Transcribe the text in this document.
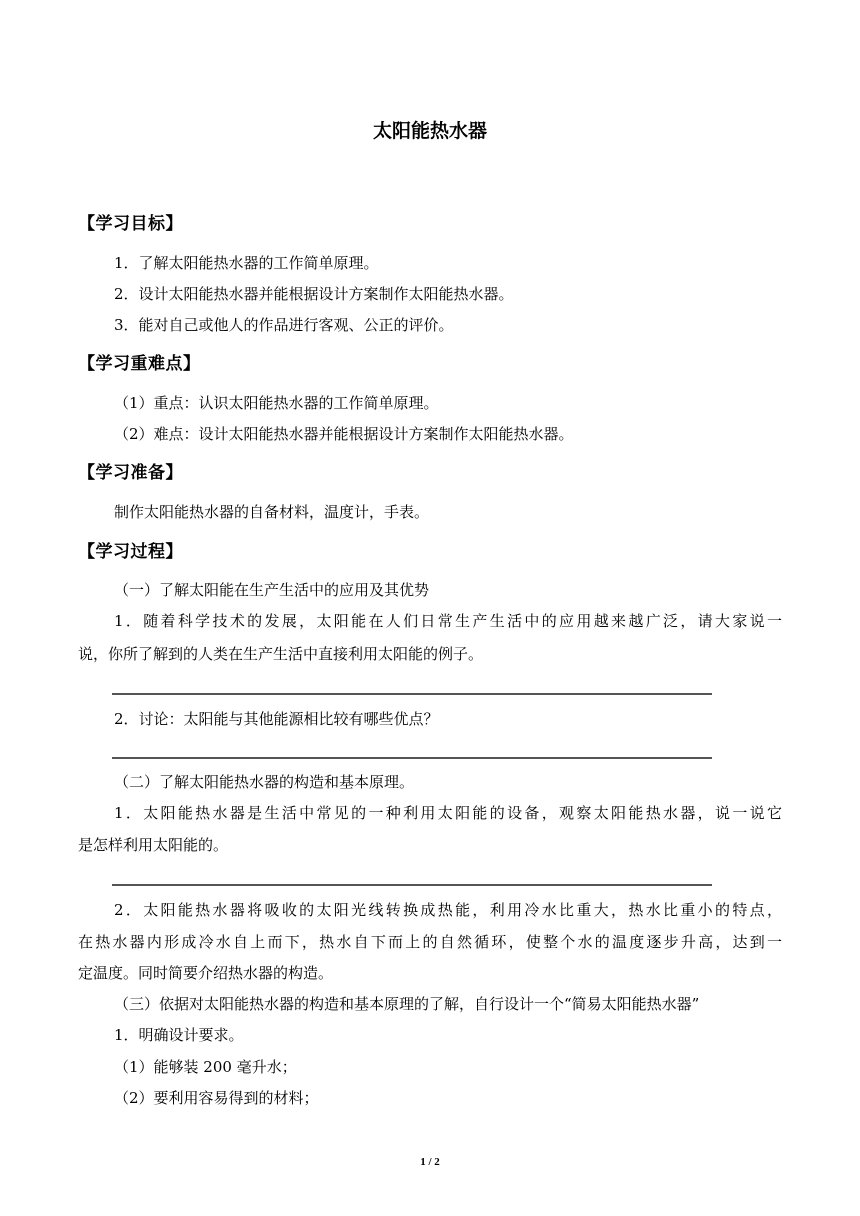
太阳能热水器
【学习目标】
1．了解太阳能热水器的工作简单原理。
2．设计太阳能热水器并能根据设计方案制作太阳能热水器。
3．能对自己或他人的作品进行客观、公正的评价。
【学习重难点】
（1）重点：认识太阳能热水器的工作简单原理。
（2）难点：设计太阳能热水器并能根据设计方案制作太阳能热水器。
【学习准备】
制作太阳能热水器的自备材料，温度计，手表。
【学习过程】
（一）了解太阳能在生产生活中的应用及其优势
1．随着科学技术的发展，太阳能在人们日常生产生活中的应用越来越广泛，请大家说一
说，你所了解到的人类在生产生活中直接利用太阳能的例子。
2．讨论：太阳能与其他能源相比较有哪些优点？
（二）了解太阳能热水器的构造和基本原理。
1．太阳能热水器是生活中常见的一种利用太阳能的设备，观察太阳能热水器，说一说它
是怎样利用太阳能的。
2．太阳能热水器将吸收的太阳光线转换成热能，利用冷水比重大，热水比重小的特点，
在热水器内形成冷水自上而下，热水自下而上的自然循环，使整个水的温度逐步升高，达到一
定温度。同时简要介绍热水器的构造。
（三）依据对太阳能热水器的构造和基本原理的了解，自行设计一个“简易太阳能热水器”
1．明确设计要求。
（1）能够装 200 毫升水；
（2）要利用容易得到的材料；
1 / 2
